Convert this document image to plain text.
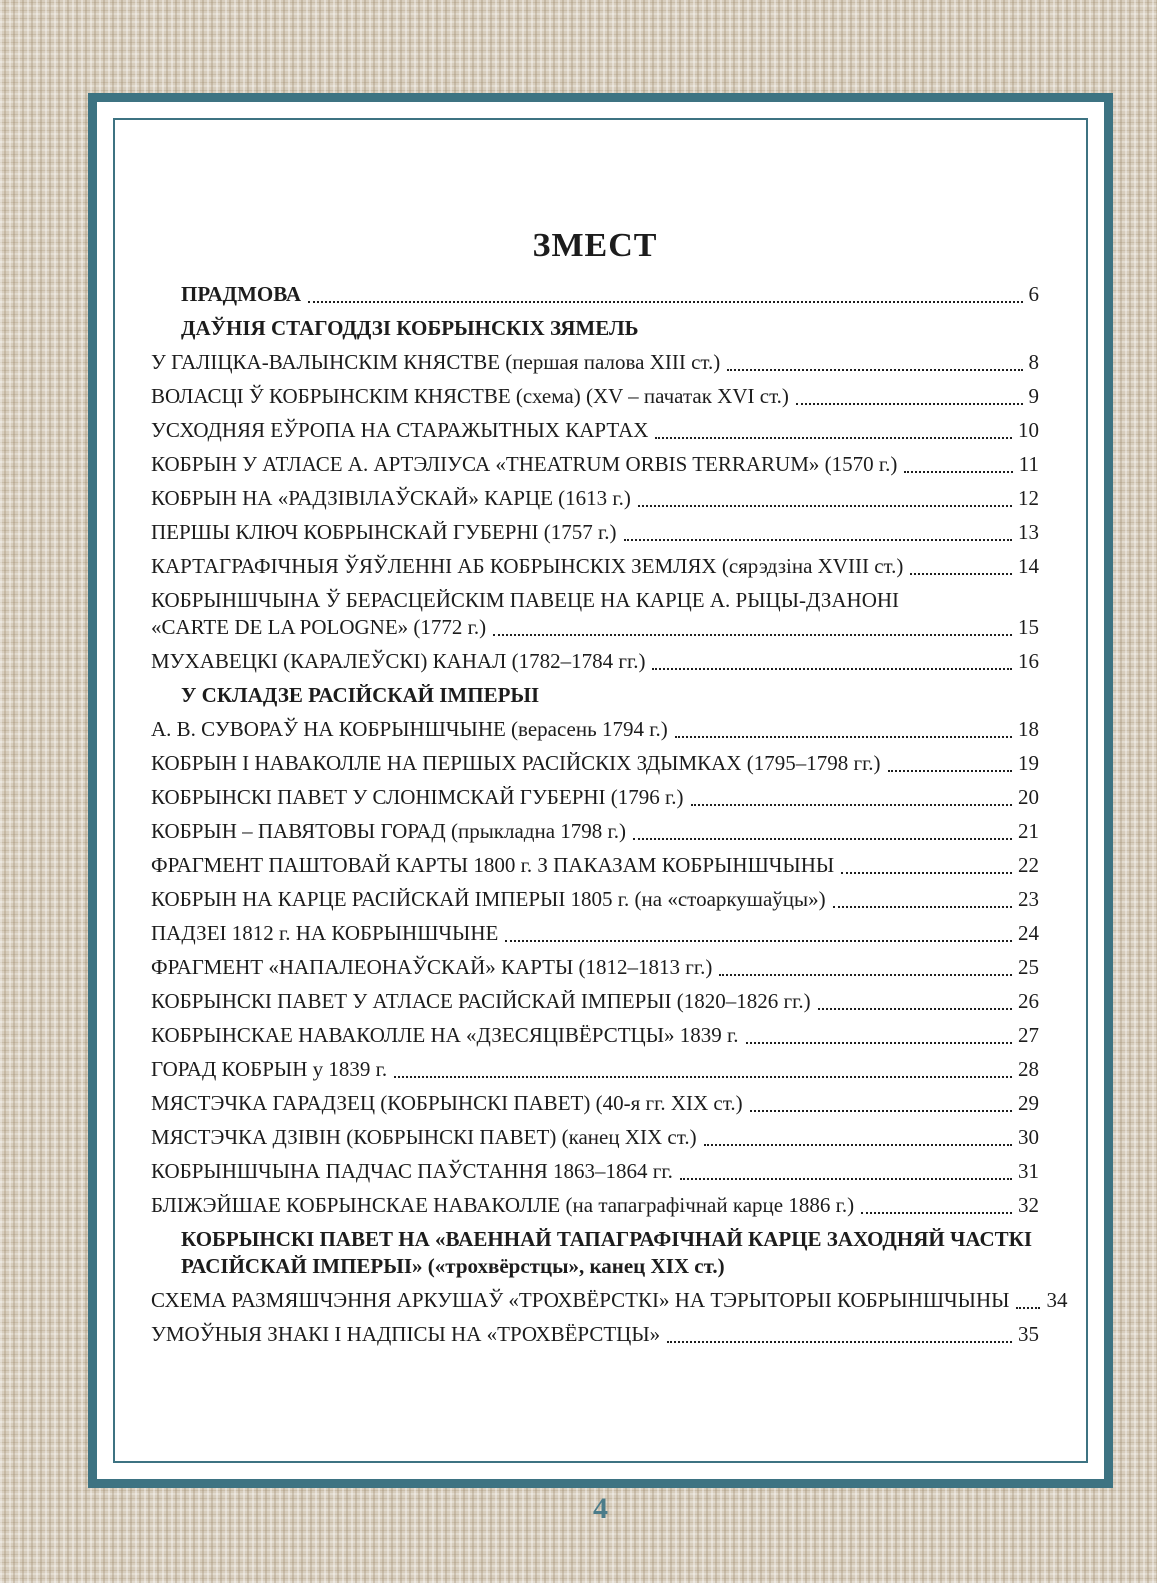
ЗМЕСТ
ПРАДМОВА	6
ДАЎНІЯ СТАГОДДЗІ КОБРЫНСКІХ ЗЯМЕЛЬ
У ГАЛІЦКА-ВАЛЫНСКІМ КНЯСТВЕ (першая палова XIII ст.)	8
ВОЛАСЦІ Ў КОБРЫНСКІМ КНЯСТВЕ (схема) (XV – пачатак XVI ст.)	9
УСХОДНЯЯ ЕЎРОПА НА СТАРАЖЫТНЫХ КАРТАХ	10
КОБРЫН У АТЛАСЕ А. АРТЭЛІУСА «THEATRUM ORBIS TERRARUM» (1570 г.)	11
КОБРЫН НА «РАДЗІВІЛАЎСКАЙ» КАРЦЕ (1613 г.)	12
ПЕРШЫ КЛЮЧ КОБРЫНСКАЙ ГУБЕРНІ (1757 г.)	13
КАРТАГРАФІЧНЫЯ ЎЯЎЛЕННІ АБ КОБРЫНСКІХ ЗЕМЛЯХ (сярэдзіна XVIII ст.)	14
КОБРЫНШЧЫНА Ў БЕРАСЦЕЙСКІМ ПАВЕЦЕ НА КАРЦЕ А. РЫЦЫ-ДЗАНОНІ
«CARTE DE LA POLOGNE» (1772 г.)	15
МУХАВЕЦКІ (КАРАЛЕЎСКІ) КАНАЛ (1782–1784 гг.)	16
У СКЛАДЗЕ РАСІЙСКАЙ ІМПЕРЫІ
А. В. СУВОРАЎ НА КОБРЫНШЧЫНЕ (верасень 1794 г.)	18
КОБРЫН І НАВАКОЛЛЕ НА ПЕРШЫХ РАСІЙСКІХ ЗДЫМКАХ (1795–1798 гг.)	19
КОБРЫНСКІ ПАВЕТ У СЛОНІМСКАЙ ГУБЕРНІ (1796 г.)	20
КОБРЫН – ПАВЯТОВЫ ГОРАД (прыкладна 1798 г.)	21
ФРАГМЕНТ ПАШТОВАЙ КАРТЫ 1800 г. З ПАКАЗАМ КОБРЫНШЧЫНЫ	22
КОБРЫН НА КАРЦЕ РАСІЙСКАЙ ІМПЕРЫІ 1805 г. (на «стоаркушаўцы»)	23
ПАДЗЕІ 1812 г. НА КОБРЫНШЧЫНЕ	24
ФРАГМЕНТ «НАПАЛЕОНАЎСКАЙ» КАРТЫ (1812–1813 гг.)	25
КОБРЫНСКІ ПАВЕТ У АТЛАСЕ РАСІЙСКАЙ ІМПЕРЫІ (1820–1826 гг.)	26
КОБРЫНСКАЕ НАВАКОЛЛЕ НА «ДЗЕСЯЦІВЁРСТЦЫ» 1839 г.	27
ГОРАД КОБРЫН у 1839 г.	28
МЯСТЭЧКА ГАРАДЗЕЦ (КОБРЫНСКІ ПАВЕТ) (40-я гг. XIX ст.)	29
МЯСТЭЧКА ДЗІВІН (КОБРЫНСКІ ПАВЕТ) (канец XIX ст.)	30
КОБРЫНШЧЫНА ПАДЧАС ПАЎСТАННЯ 1863–1864 гг.	31
БЛІЖЭЙШАЕ КОБРЫНСКАЕ НАВАКОЛЛЕ (на тапаграфічнай карце 1886 г.)	32
КОБРЫНСКІ ПАВЕТ НА «ВАЕННАЙ ТАПАГРАФІЧНАЙ КАРЦЕ ЗАХОДНЯЙ ЧАСТКІ
РАСІЙСКАЙ ІМПЕРЫІ» («трохвёрстцы», канец XIX ст.)
СХЕМА РАЗМЯШЧЭННЯ АРКУШАЎ «ТРОХВЁРСТКІ» НА ТЭРЫТОРЫІ КОБРЫНШЧЫНЫ 34
УМОЎНЫЯ ЗНАКІ І НАДПІСЫ НА «ТРОХВЁРСТЦЫ»	35
4
